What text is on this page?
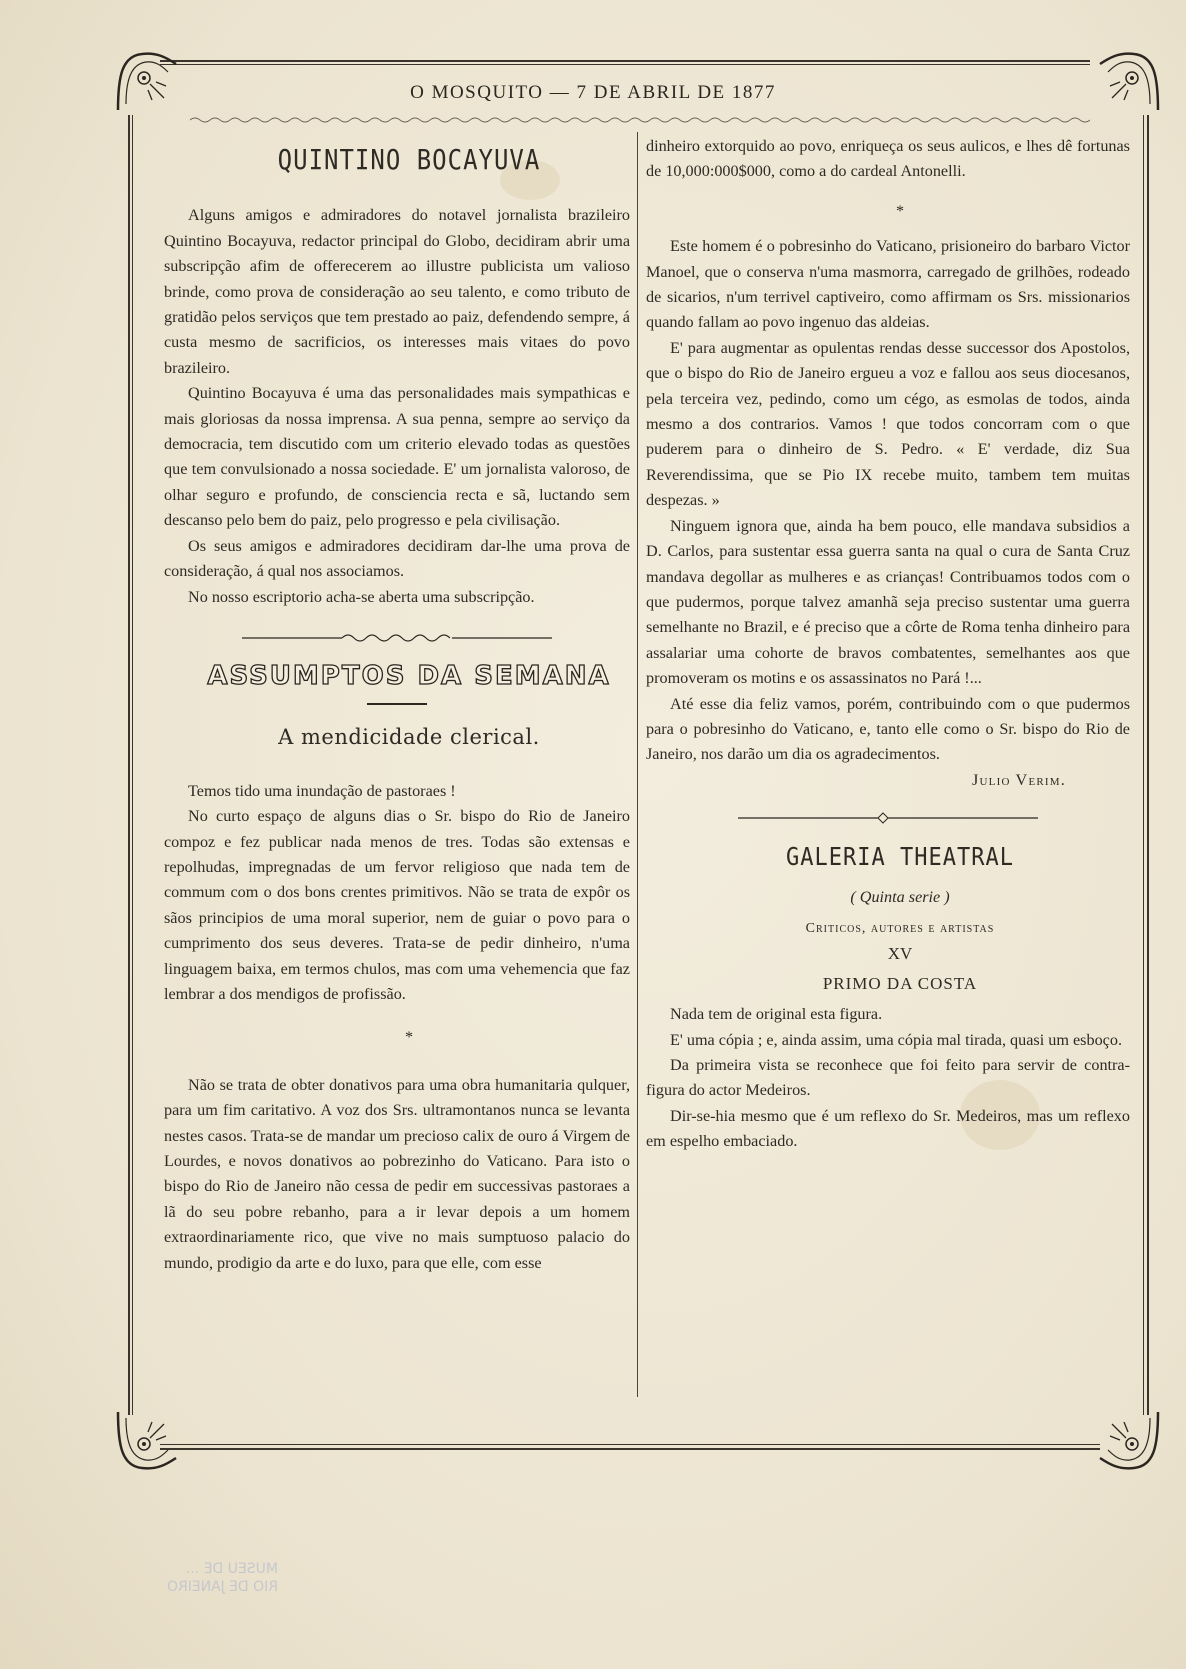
O MOSQUITO — 7 DE ABRIL DE 1877

QUINTINO BOCAYUVA

Alguns amigos e admiradores do notavel jornalista brazileiro Quintino Bocayuva, redactor principal do Globo, decidiram abrir uma subscripção afim de offerecerem ao illustre publicista um valioso brinde, como prova de consideração ao seu talento, e como tributo de gratidão pelos serviços que tem prestado ao paiz, defendendo sempre, á custa mesmo de sacrificios, os interesses mais vitaes do povo brazileiro.

Quintino Bocayuva é uma das personalidades mais sympathicas e mais gloriosas da nossa imprensa. A sua penna, sempre ao serviço da democracia, tem discutido com um criterio elevado todas as questões que tem convulsionado a nossa sociedade. E' um jornalista valoroso, de olhar seguro e profundo, de consciencia recta e sã, luctando sem descanso pelo bem do paiz, pelo progresso e pela civilisação.

Os seus amigos e admiradores decidiram dar-lhe uma prova de consideração, á qual nos associamos.

No nosso escriptorio acha-se aberta uma subscripção.

ASSUMPTOS DA SEMANA

A mendicidade clerical.

Temos tido uma inundação de pastoraes !

No curto espaço de alguns dias o Sr. bispo do Rio de Janeiro compoz e fez publicar nada menos de tres. Todas são extensas e repolhudas, impregnadas de um fervor religioso que nada tem de commum com o dos bons crentes primitivos. Não se trata de expôr os sãos principios de uma moral superior, nem de guiar o povo para o cumprimento dos seus deveres. Trata-se de pedir dinheiro, n'uma linguagem baixa, em termos chulos, mas com uma vehemencia que faz lembrar a dos mendigos de profissão.

*

Não se trata de obter donativos para uma obra humanitaria qulquer, para um fim caritativo. A voz dos Srs. ultramontanos nunca se levanta nestes casos. Trata-se de mandar um precioso calix de ouro á Virgem de Lourdes, e novos donativos ao pobrezinho do Vaticano. Para isto o bispo do Rio de Janeiro não cessa de pedir em successivas pastoraes a lã do seu pobre rebanho, para a ir levar depois a um homem extraordinariamente rico, que vive no mais sumptuoso palacio do mundo, prodigio da arte e do luxo, para que elle, com esse

dinheiro extorquido ao povo, enriqueça os seus aulicos, e lhes dê fortunas de 10,000:000$000, como a do cardeal Antonelli.

*

Este homem é o pobresinho do Vaticano, prisioneiro do barbaro Victor Manoel, que o conserva n'uma masmorra, carregado de grilhões, rodeado de sicarios, n'um terrivel captiveiro, como affirmam os Srs. missionarios quando fallam ao povo ingenuo das aldeias.

E' para augmentar as opulentas rendas desse successor dos Apostolos, que o bispo do Rio de Janeiro ergueu a voz e fallou aos seus diocesanos, pela terceira vez, pedindo, como um cégo, as esmolas de todos, ainda mesmo a dos contrarios. Vamos ! que todos concorram com o que puderem para o dinheiro de S. Pedro. « E' verdade, diz Sua Reverendissima, que se Pio IX recebe muito, tambem tem muitas despezas. »

Ninguem ignora que, ainda ha bem pouco, elle mandava subsidios a D. Carlos, para sustentar essa guerra santa na qual o cura de Santa Cruz mandava degollar as mulheres e as crianças! Contribuamos todos com o que pudermos, porque talvez amanhã seja preciso sustentar uma guerra semelhante no Brazil, e é preciso que a côrte de Roma tenha dinheiro para assalariar uma cohorte de bravos combatentes, semelhantes aos que promoveram os motins e os assassinatos no Pará !...

Até esse dia feliz vamos, porém, contribuindo com o que pudermos para o pobresinho do Vaticano, e, tanto elle como o Sr. bispo do Rio de Janeiro, nos darão um dia os agradecimentos.

Julio Verim.

GALERIA THEATRAL

( Quinta serie )

Criticos, autores e artistas

XV

PRIMO DA COSTA

Nada tem de original esta figura.

E' uma cópia ; e, ainda assim, uma cópia mal tirada, quasi um esboço.

Da primeira vista se reconhece que foi feito para servir de contra-figura do actor Medeiros.

Dir-se-hia mesmo que é um reflexo do Sr. Medeiros, mas um reflexo em espelho embaciado.

MUSEU DE ...
RIO DE JANEIRO
